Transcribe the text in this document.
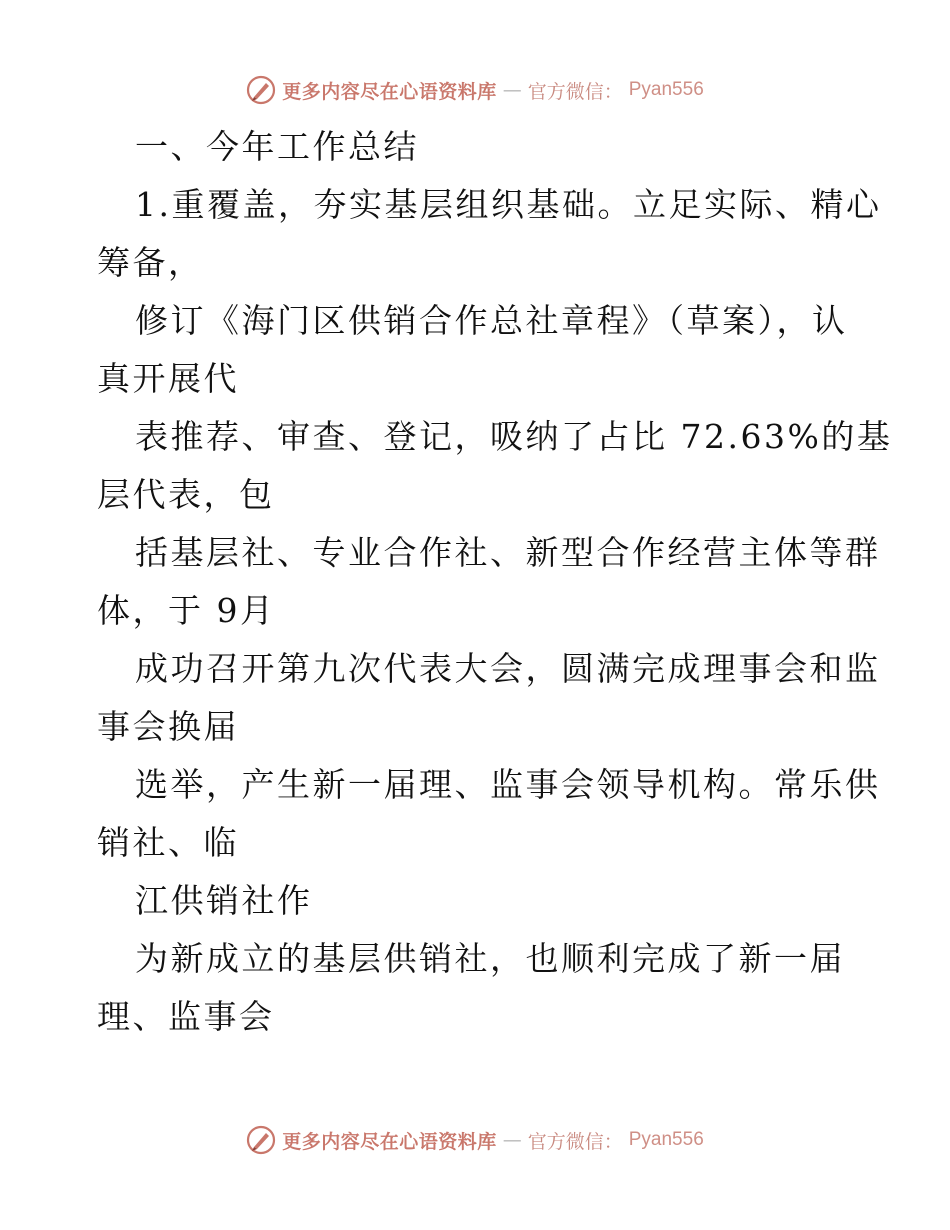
更多内容尽在心语资料库 — 官方微信： Pyan556
一、今年工作总结
1.重覆盖，夯实基层组织基础。立足实际、精心
筹备，
修订《海门区供销合作总社章程》（草案），认
真开展代
表推荐、审查、登记，吸纳了占比 72.63%的基
层代表，包
括基层社、专业合作社、新型合作经营主体等群
体，于 9月
成功召开第九次代表大会，圆满完成理事会和监
事会换届
选举，产生新一届理、监事会领导机构。常乐供
销社、临
江供销社作
为新成立的基层供销社，也顺利完成了新一届
理、监事会
更多内容尽在心语资料库 — 官方微信： Pyan556
